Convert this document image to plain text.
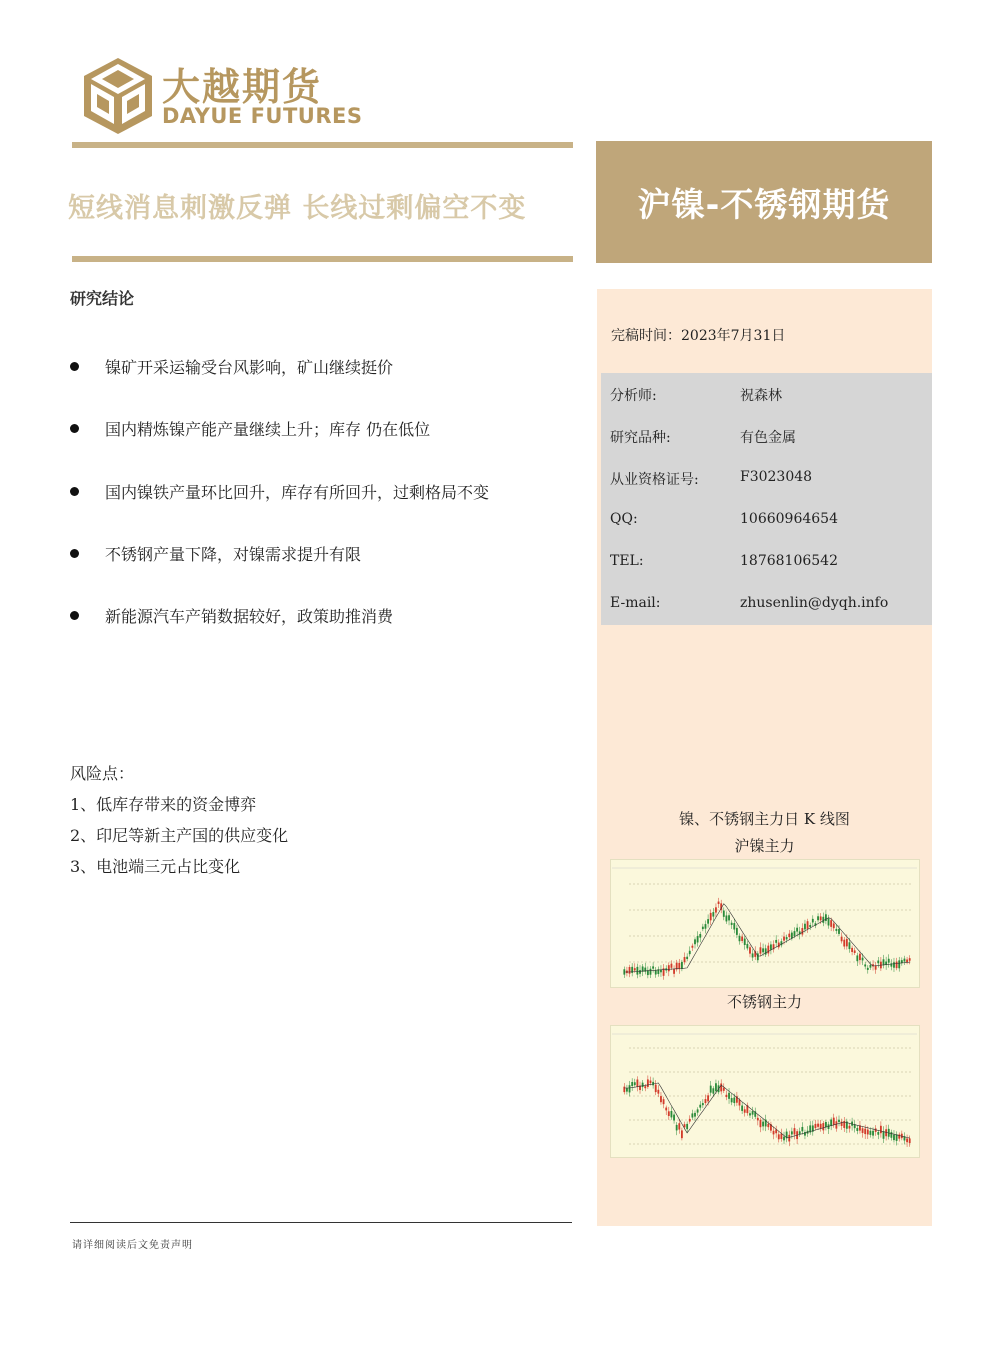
大越期货
DAYUE FUTURES
短线消息刺激反弹 长线过剩偏空不变	沪镍-不锈钢期货
研究结论
镍矿开采运输受台风影响，矿山继续挺价
国内精炼镍产能产量继续上升；库存 仍在低位
国内镍铁产量环比回升，库存有所回升，过剩格局不变
不锈钢产量下降，对镍需求提升有限
新能源汽车产销数据较好，政策助推消费
风险点：
1、低库存带来的资金博弈
2、印尼等新主产国的供应变化
3、电池端三元占比变化
完稿时间：2023年7月31日
分析师:	祝森林
研究品种:	有色金属
从业资格证号:	F3023048
QQ:	10660964654
TEL:	18768106542
E-mail:	zhusenlin@dyqh.info
镍、不锈钢主力日 K 线图
沪镍主力
不锈钢主力
请详细阅读后文免责声明
